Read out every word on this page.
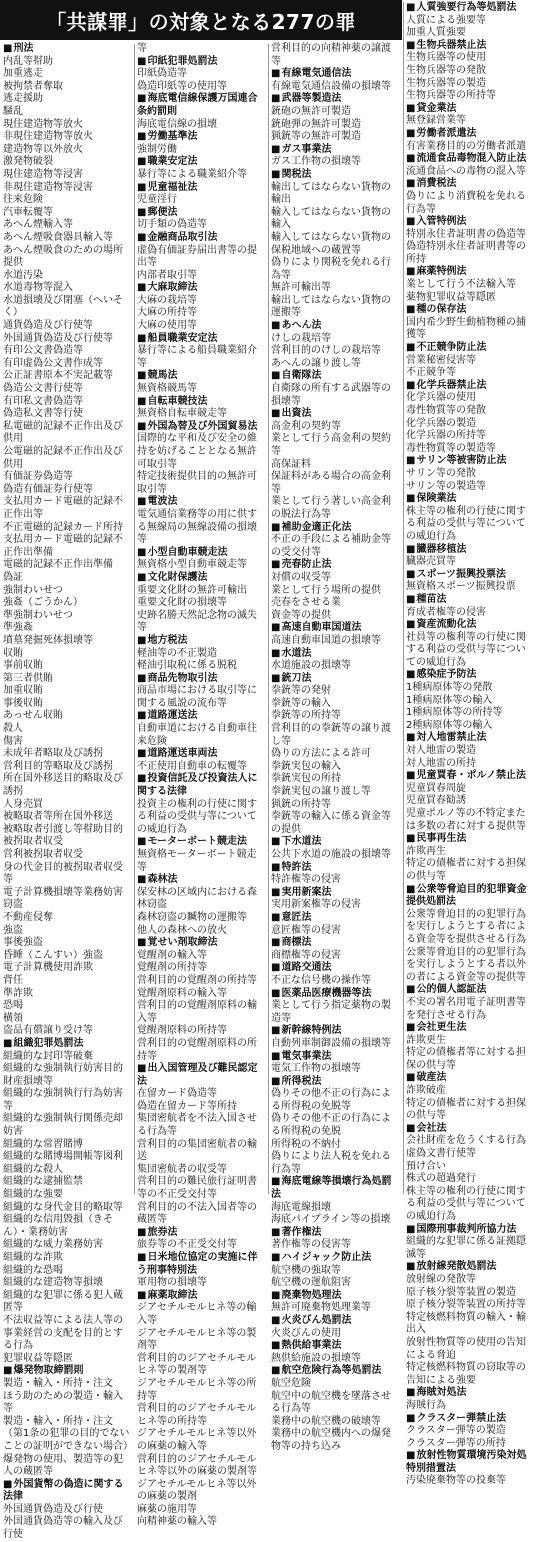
「共謀罪」の対象となる277の罪
■ 刑法
内乱等幇助
加重逃走
被拘禁者奪取
逃走援助
騒乱
現住建造物等放火
非現住建造物等放火
建造物等以外放火
激発物破裂
現住建造物等浸害
非現住建造物等浸害
往来危険
汽車転覆等
あへん煙輸入等
あへん煙吸食器具輸入等
あへん煙吸食のための場所提供
水道汚染
水道毒物等混入
水道損壊及び閉塞（へいそく）
通貨偽造及び行使等
外国通貨偽造及び行使等
有印公文書偽造等
有印虚偽公文書作成等
公正証書原本不実記載等
偽造公文書行使等
有印私文書偽造等
偽造私文書等行使
私電磁的記録不正作出及び供用
公電磁的記録不正作出及び供用
有価証券偽造等
偽造有価証券行使等
支払用カード電磁的記録不正作出等
不正電磁的記録カード所持
支払用カード電磁的記録不正作出準備
電磁的記録不正作出準備
偽証
強制わいせつ
強姦（ごうかん）
準強制わいせつ
準強姦
墳墓発掘死体損壊等
収賄
事前収賄
第三者供賄
加重収賄
事後収賄
あっせん収賄
殺人
傷害
未成年者略取及び誘拐
営利目的等略取及び誘拐
所在国外移送目的略取及び誘拐
人身売買
被略取者等所在国外移送
被略取者引渡し等幇助目的被拐取者収受
営利被拐取者収受
身の代金目的被拐取者収受等
電子計算機損壊等業務妨害
窃盗
不動産侵奪
強盗
事後強盗
昏睡（こんすい）強盗
電子計算機使用詐欺
背任
準詐欺
恐喝
横領
盗品有償譲り受け等
■ 組織犯罪処罰法
組織的な封印等破棄
組織的な強制執行妨害目的財産損壊等
組織的な強制執行行為妨害等
組織的な強制執行関係売却妨害
組織的な常習賭博
組織的な賭博場開帳等図利
組織的な殺人
組織的な逮捕監禁
組織的な強要
組織的な身代金目的略取等
組織的な信用毀損（きそん）・業務妨害
組織的な威力業務妨害
組織的な詐欺
組織的な恐喝
組織的な建造物等損壊
組織的な犯罪に係る犯人蔵匿等
不法収益等による法人等の事業経営の支配を目的とする行為
犯罪収益等隠匿
■ 爆発物取締罰則
製造・輸入・所持・注文
ほう助のための製造・輸入等
製造・輸入・所持・注文（第1条の犯罪の目的でないことの証明ができない場合）
爆発物の使用、製造等の犯人の蔵匿等
■ 外国貨幣の偽造に関する法律
外国通貨偽造及び行使
外国通貨偽造等の輸入及び行使
等
■ 印紙犯罪処罰法
印紙偽造等
偽造印紙等の使用等
■ 海底電信線保護万国連合条約罰則
海底電信線の損壊
■ 労働基準法
強制労働
■ 職業安定法
暴行等による職業紹介等
■ 児童福祉法
児童淫行
■ 郵便法
切手類の偽造等
■ 金融商品取引法
虚偽有価証券届出書等の提出等
内部者取引等
■ 大麻取締法
大麻の栽培等
大麻の所持等
大麻の使用等
■ 船員職業安定法
暴行等による船員職業紹介等
■ 競馬法
無資格競馬等
■ 自転車競技法
無資格自転車競走等
■ 外国為替及び外国貿易法
国際的な平和及び安全の維持を妨げることとなる無許可取引等
特定技術提供目的の無許可取引等
■ 電波法
電気通信業務等の用に供する無線局の無線設備の損壊等
■ 小型自動車競走法
無資格小型自動車競走等
■ 文化財保護法
重要文化財の無許可輸出
重要文化財の損壊等
史跡名勝天然記念物の滅失等
■ 地方税法
軽油等の不正製造
軽油引取税に係る脱税
■ 商品先物取引法
商品市場における取引等に関する風説の流布等
■ 道路運送法
自動車道における自動車往来危険
■ 道路運送車両法
不正使用自動車の転覆等
■ 投資信託及び投資法人に関する法律
投資主の権利の行使に関する利益の受供与等についての威迫行為
■ モーターボート競走法
無資格モーターボート競走等
■ 森林法
保安林の区域内における森林窃盗
森林窃盗の贓物の運搬等
他人の森林への放火
■ 覚せい剤取締法
覚醒剤の輸入等
覚醒剤の所持等
営利目的の覚醒剤の所持等
覚醒剤原料の輸入等
営利目的の覚醒剤原料の輸入等
覚醒剤原料の所持等
営利目的の覚醒剤原料の所持等
■ 出入国管理及び難民認定法
在留カード偽造等
偽造在留カード等所持
集団密航者を不法入国させる行為等
営利目的の集団密航者の輸送
集団密航者の収受等
営利目的の難民旅行証明書等の不正受交付等
営利目的の不法入国者等の蔵匿等
■ 旅券法
旅券等の不正受交付等
■ 日米地位協定の実施に伴う刑事特別法
軍用物の損壊等
■ 麻薬取締法
ジアセチルモルヒネ等の輸入等
ジアセチルモルヒネ等の製剤等
営利目的のジアセチルモルヒネ等の製剤等
ジアセチルモルヒネ等の所持等
営利目的のジアセチルモルヒネ等の所持等
ジアセチルモルヒネ等以外の麻薬の輸入等
営利目的のジアセチルモルヒネ等以外の麻薬の製剤等
ジアセチルモルヒネ等以外の麻薬の製剤
麻薬の施用等
向精神薬の輸入等
営利目的の向精神薬の譲渡等
■ 有線電気通信法
有線電気通信設備の損壊等
■ 武器等製造法
銃砲の無許可製造
銃砲弾の無許可製造
猟銃等の無許可製造
■ ガス事業法
ガス工作物の損壊等
■ 関税法
輸出してはならない貨物の輸出
輸入してはならない貨物の輸入
輸入してはならない貨物の保税地域への蔵置等
偽りにより関税を免れる行為等
無許可輸出等
輸出してはならない貨物の運搬等
■ あへん法
けしの栽培等
営利目的のけしの栽培等
あへんの譲り渡し等
■ 自衛隊法
自衛隊の所有する武器等の損壊等
■ 出資法
高金利の契約等
業として行う高金利の契約等
高保証料
保証料がある場合の高金利等
業として行う著しい高金利の脱法行為等
■ 補助金適正化法
不正の手段による補助金等の受交付等
■ 売春防止法
対償の収受等
業として行う場所の提供
売春をさせる業
資金等の提供
■ 高速自動車国道法
高速自動車国道の損壊等
■ 水道法
水道施設の損壊等
■ 銃刀法
拳銃等の発射
拳銃等の輸入
拳銃等の所持等
営利目的の拳銃等の譲り渡し等
偽りの方法による許可
拳銃実包の輸入
拳銃実包の所持
拳銃実包の譲り渡し等
猟銃の所持等
拳銃等の輸入に係る資金等の提供
■ 下水道法
公共下水道の施設の損壊等
■ 特許法
特許権等の侵害
■ 実用新案法
実用新案権等の侵害
■ 意匠法
意匠権等の侵害
■ 商標法
商標権等の侵害
■ 道路交通法
不正な信号機の操作等
■ 医薬品医療機器等法
業として行う指定薬物の製造等
■ 新幹線特例法
自動列車制御設備の損壊等
■ 電気事業法
電気工作物の損壊等
■ 所得税法
偽りその他不正の行為による所得税の免脱等
偽りその他不正の行為による所得税の免脱
所得税の不納付
偽りにより法人税を免れる行為等
■ 海底電線等損壊行為処罰法
海底電線損壊
海底パイプライン等の損壊
■ 著作権法
著作権等の侵害等
■ ハイジャック防止法
航空機の強取等
航空機の運航阻害
■ 廃棄物処理法
無許可廃棄物処理業等
■ 火炎びん処罰法
火炎びんの使用
■ 熱供給事業法
熱供給施設の損壊等
■ 航空危険行為等処罰法
航空危険
航空中の航空機を墜落させる行為等
業務中の航空機の破壊等
業務中の航空機内への爆発物等の持ち込み
■ 人質強要行為等処罰法
人質による強要等
加重人質強要
■ 生物兵器禁止法
生物兵器等の使用
生物兵器等の発散
生物兵器等の製造
生物兵器等の所持等
■ 貸金業法
無登録営業等
■ 労働者派遣法
有害業務目的の労働者派遣
■ 流通食品毒物混入防止法
流通食品への毒物の混入等
■ 消費税法
偽りにより消費税を免れる行為等
■ 入管特例法
特別永住者証明書の偽造等
偽造特別永住者証明書等の所持
■ 麻薬特例法
業として行う不法輸入等
薬物犯罪収益等隠匿
■ 種の保存法
国内希少野生動植物種の捕獲等
■ 不正競争防止法
営業秘密侵害等
不正競争等
■ 化学兵器禁止法
化学兵器の使用
毒性物質等の発散
化学兵器の製造
化学兵器の所持等
毒性物質等の製造等
■ サリン等被害防止法
サリン等の発散
サリン等の製造等
■ 保険業法
株主等の権利の行使に関する利益の受供与等についての威迫行為
■ 臓器移植法
臓器売買等
■ スポーツ振興投票法
無資格スポーツ振興投票
■ 種苗法
育成者権等の侵害
■ 資産流動化法
社員等の権利等の行使に関する利益の受供与等についての威迫行為
■ 感染症予防法
1種病原体等の発散
1種病原体等の輸入
1種病原体等の所持等
2種病原体等の輸入
■ 対人地雷禁止法
対人地雷の製造
対人地雷の所持
■ 児童買春・ポルノ禁止法
児童買春周旋
児童買春勧誘
児童ポルノ等の不特定または多数の者に対する提供等
■ 民事再生法
詐欺再生
特定の債権者に対する担保の供与等
■ 公衆等脅迫目的犯罪資金提供処罰法
公衆等脅迫目的の犯罪行為を実行しようとする者による資金等を提供させる行為
公衆等脅迫目的の犯罪行為を実行しようとする者以外の者による資金等の提供等
■ 公的個人認証法
不実の署名用電子証明書等を発行させる行為
■ 会社更生法
詐欺更生
特定の債権者等に対する担保の供与等
■ 破産法
詐欺破産
特定の債権者に対する担保の供与等
■ 会社法
会社財産を危うくする行為
虚偽文書行使等
預け合い
株式の超過発行
株主等の権利の行使に関する利益の受供与等についての威迫行為
■ 国際刑事裁判所協力法
組織的な犯罪に係る証拠隠滅等
■ 放射線発散処罰法
放射線の発散等
原子核分裂等装置の製造
原子核分裂等装置の所持等
特定核燃料物質の輸入・輸出入
放射性物質等の使用の告知による脅迫
特定核燃料物質の窃取等の告知による強要
■ 海賊対処法
海賊行為
■ クラスター弾禁止法
クラスター弾等の製造
クラスター弾等の所持
■ 放射性物質環境汚染対処特別措置法
汚染廃棄物等の投棄等
